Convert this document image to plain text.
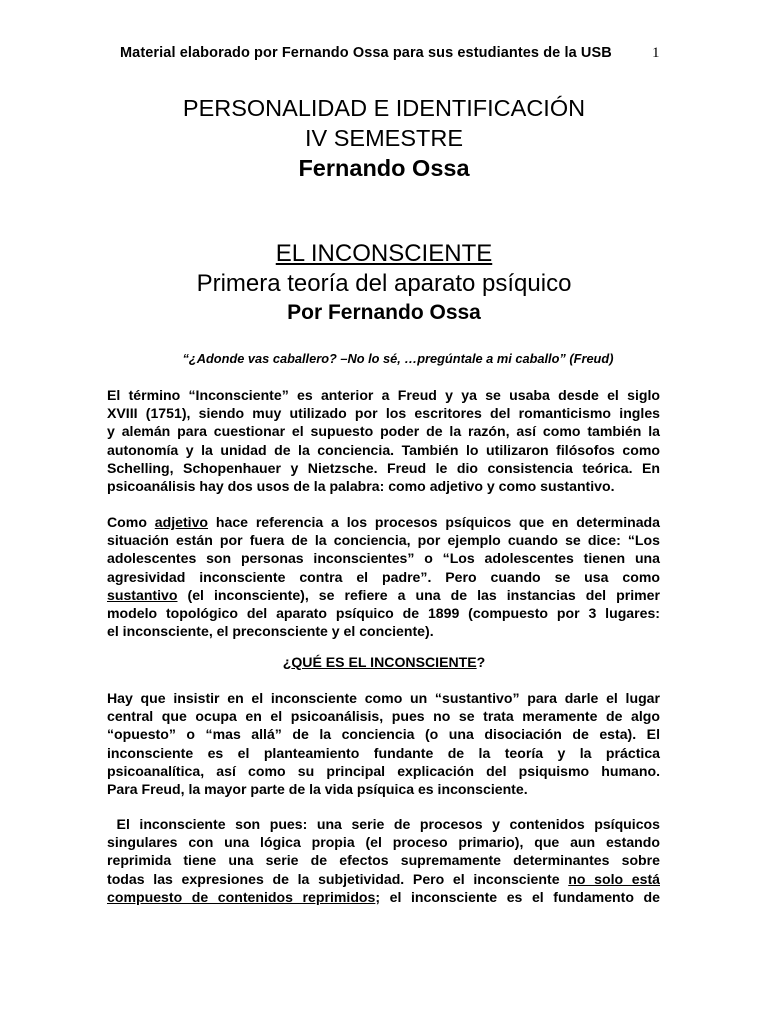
Material elaborado por Fernando Ossa para sus estudiantes de la USB	1
PERSONALIDAD E IDENTIFICACIÓN
IV SEMESTRE
Fernando Ossa
EL INCONSCIENTE
Primera teoría del aparato psíquico
Por Fernando Ossa
“¿Adonde vas caballero? –No lo sé, …pregúntale a mi caballo” (Freud)
El término “Inconsciente” es anterior a Freud y ya se usaba desde el siglo
XVIII (1751), siendo muy utilizado por los escritores del romanticismo ingles
y alemán para cuestionar el supuesto poder de la razón, así como también la
autonomía y la unidad de la conciencia. También lo utilizaron filósofos como
Schelling, Schopenhauer y Nietzsche. Freud le dio consistencia teórica. En
psicoanálisis hay dos usos de la palabra: como adjetivo y como sustantivo.
Como adjetivo hace referencia a los procesos psíquicos que en determinada
situación están por fuera de la conciencia, por ejemplo cuando se dice: “Los
adolescentes son personas inconscientes” o “Los adolescentes tienen una
agresividad inconsciente contra el padre”. Pero cuando se usa como
sustantivo (el inconsciente), se refiere a una de las instancias del primer
modelo topológico del aparato psíquico de 1899 (compuesto por 3 lugares:
el inconsciente, el preconsciente y el conciente).
¿QUÉ ES EL INCONSCIENTE?
Hay que insistir en el inconsciente como un “sustantivo” para darle el lugar
central que ocupa en el psicoanálisis, pues no se trata meramente de algo
“opuesto” o “mas allá” de la conciencia (o una disociación de esta). El
inconsciente es el planteamiento fundante de la teoría y la práctica
psicoanalítica, así como su principal explicación del psiquismo humano.
Para Freud, la mayor parte de la vida psíquica es inconsciente.
El inconsciente son pues: una serie de procesos y contenidos psíquicos
singulares con una lógica propia (el proceso primario), que aun estando
reprimida tiene una serie de efectos supremamente determinantes sobre
todas las expresiones de la subjetividad. Pero el inconsciente no solo está
compuesto de contenidos reprimidos; el inconsciente es el fundamento de
